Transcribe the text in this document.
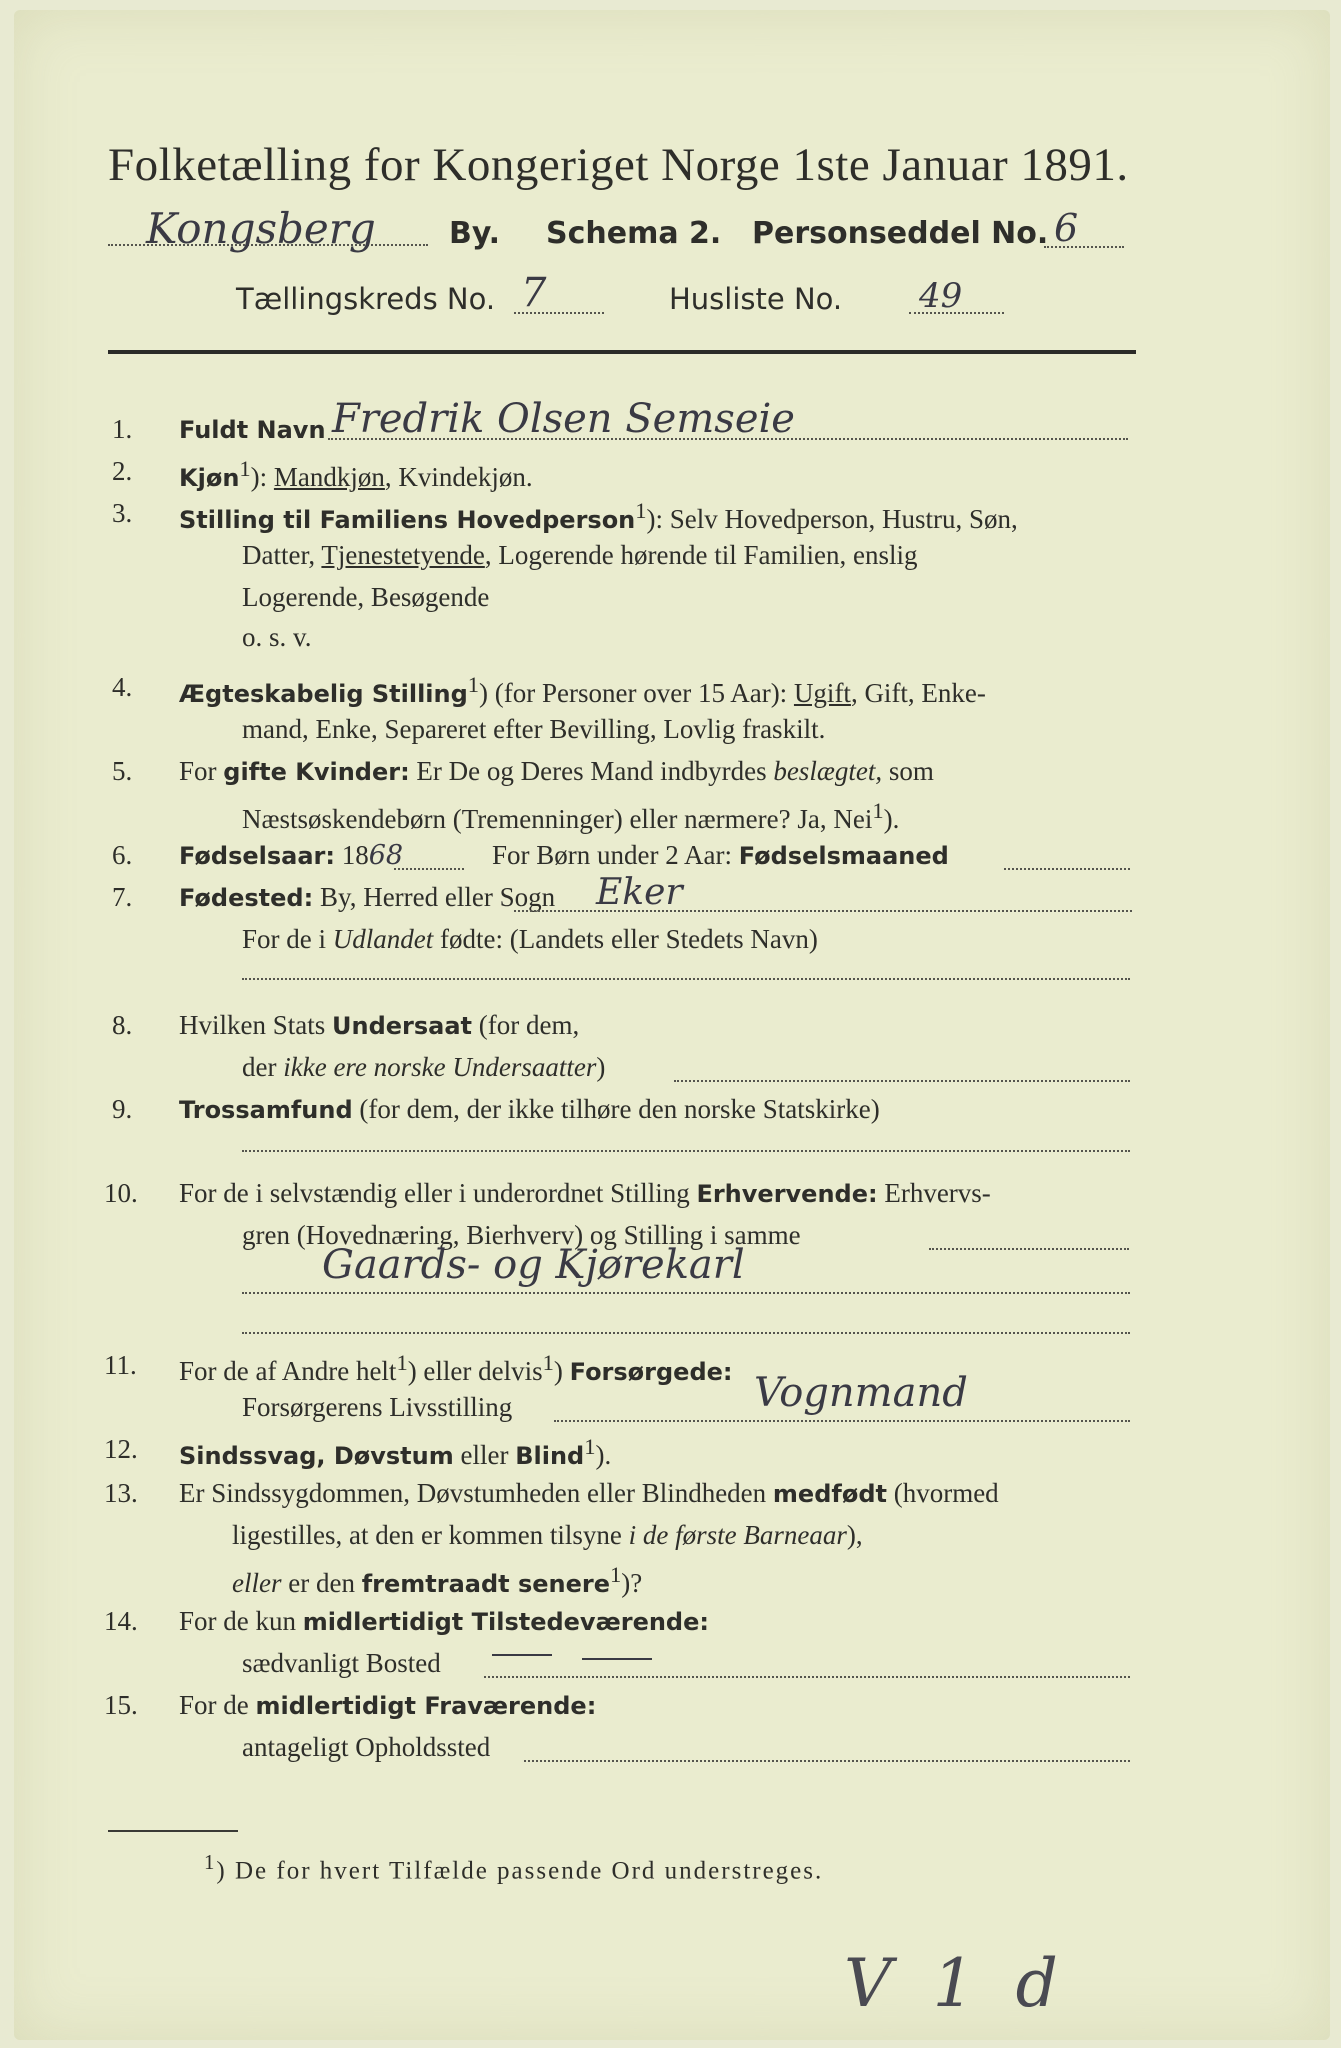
Folketælling for Kongeriget Norge 1ste Januar 1891.
Kongsberg By. Schema 2. Personseddel No. 6
Tællingskreds No. 7	Husliste No. 49
1. Fuldt Navn Fredrik Olsen Semseie
2. Kjøn$^1$): Mandkjøn, Kvindekjøn.
3. Stilling til Familiens Hovedperson$^1$): Selv Hovedperson, Hustru, Søn,
Datter, Tjenestetyende, Logerende hørende til Familien, enslig
Logerende, Besøgende
o. s. v.
4. Ægteskabelig Stilling$^1$) (for Personer over 15 Aar): Ugift, Gift, Enke-
mand, Enke, Separeret efter Bevilling, Lovlig fraskilt.
5. For gifte Kvinder: Er De og Deres Mand indbyrdes beslægtet, som
Næstsøskendebørn (Tremenninger) eller nærmere? Ja, Nei$^1$).
6. Fødselsaar: 1868	For Børn under 2 Aar: Fødselsmaaned
7. Fødested: By, Herred eller Sogn Eker
For de i Udlandet fødte: (Landets eller Stedets Navn)
8. Hvilken Stats Undersaat (for dem,
der ikke ere norske Undersaatter)
9. Trossamfund (for dem, der ikke tilhøre den norske Statskirke)
10. For de i selvstændig eller i underordnet Stilling Erhvervende: Erhvervs-
gren (Hovednæring, Bierhverv) og Stilling i samme
Gaards- og Kjørekarl
11. For de af Andre helt$^1$) eller delvis$^1$) Forsørgede:
Forsørgerens Livsstilling	Vognmand
12. Sindssvag, Døvstum eller Blind$^1$).
13. Er Sindssygdommen, Døvstumheden eller Blindheden medfødt (hvormed
ligestilles, at den er kommen tilsyne i de første Barneaar),
eller er den fremtraadt senere$^1$)?
14. For de kun midlertidigt Tilstedeværende:
sædvanligt Bosted
15. For de midlertidigt Fraværende:
antageligt Opholdssted
$^1$) De for hvert Tilfælde passende Ord understreges.
V 1 d
